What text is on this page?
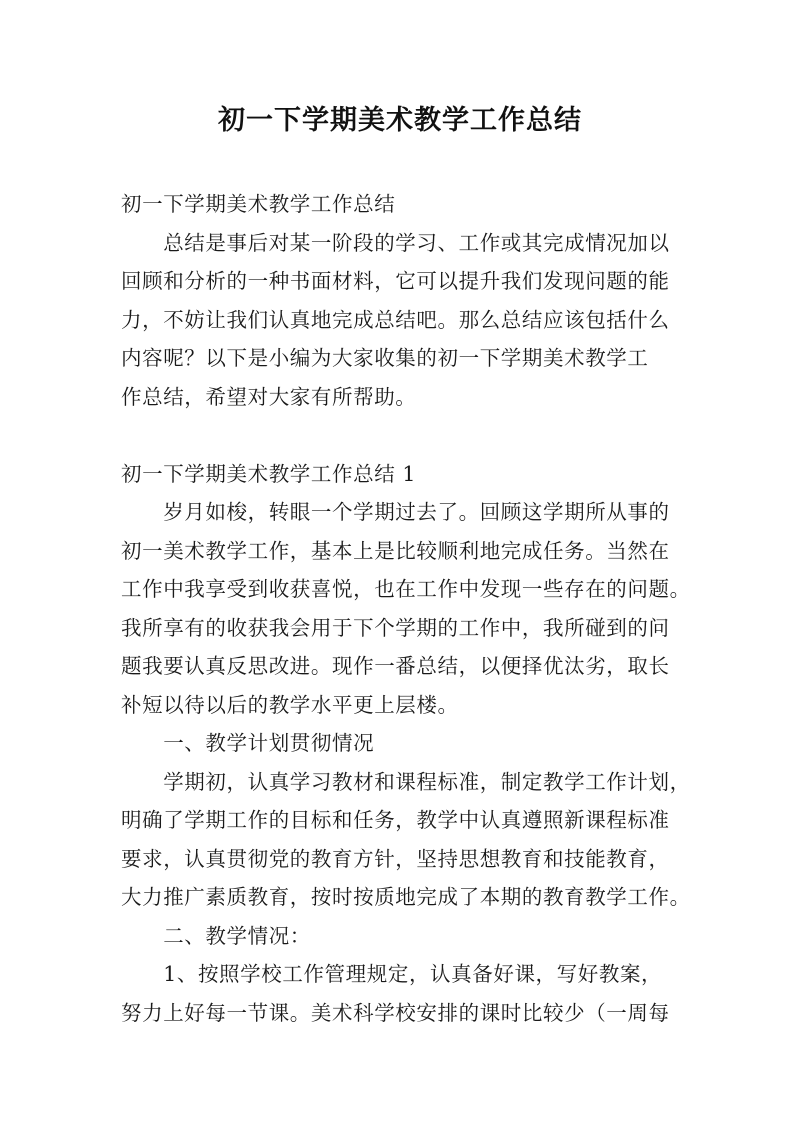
初一下学期美术教学工作总结
初一下学期美术教学工作总结
　　总结是事后对某一阶段的学习、工作或其完成情况加以
回顾和分析的一种书面材料，它可以提升我们发现问题的能
力，不妨让我们认真地完成总结吧。那么总结应该包括什么
内容呢？以下是小编为大家收集的初一下学期美术教学工
作总结，希望对大家有所帮助。
初一下学期美术教学工作总结 1
　　岁月如梭，转眼一个学期过去了。回顾这学期所从事的
初一美术教学工作，基本上是比较顺利地完成任务。当然在
工作中我享受到收获喜悦，也在工作中发现一些存在的问题。
我所享有的收获我会用于下个学期的工作中，我所碰到的问
题我要认真反思改进。现作一番总结，以便择优汰劣，取长
补短以待以后的教学水平更上层楼。
　　一、教学计划贯彻情况
　　学期初，认真学习教材和课程标准，制定教学工作计划，
明确了学期工作的目标和任务，教学中认真遵照新课程标准
要求，认真贯彻党的教育方针，坚持思想教育和技能教育，
大力推广素质教育，按时按质地完成了本期的教育教学工作。
　　二、教学情况：
　　1、按照学校工作管理规定，认真备好课，写好教案，
努力上好每一节课。美术科学校安排的课时比较少（一周每
